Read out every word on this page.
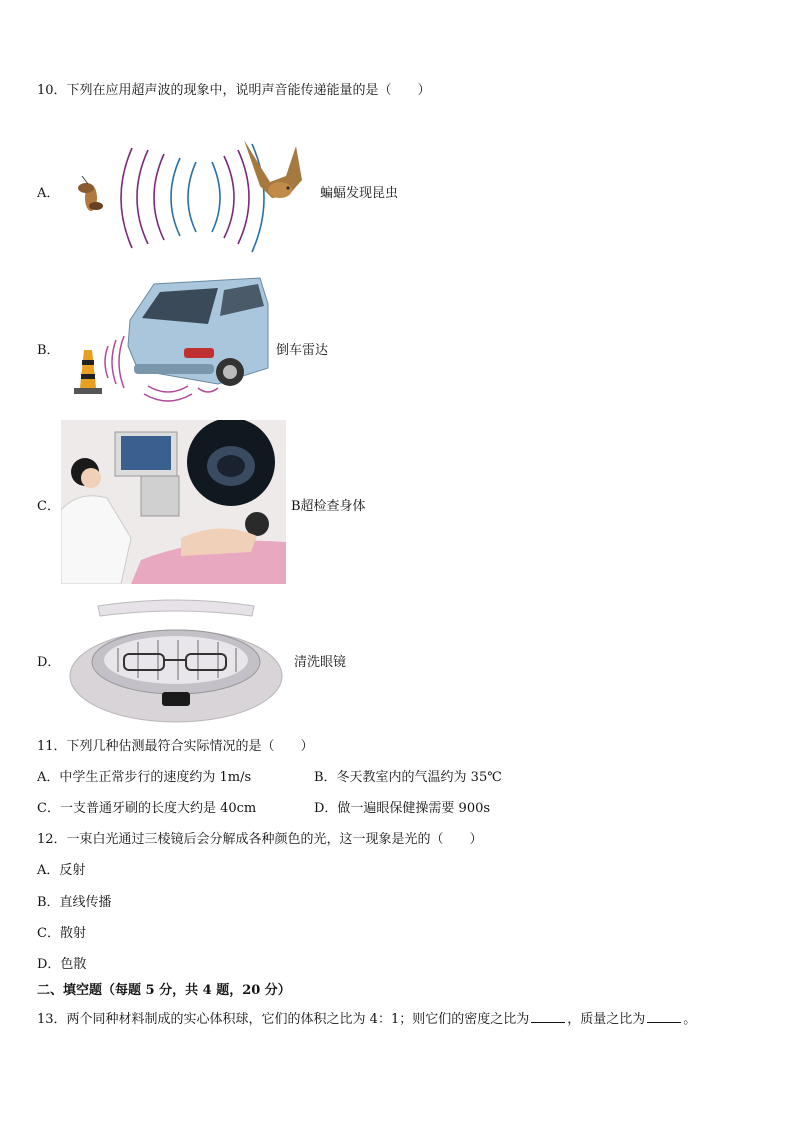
10．下列在应用超声波的现象中，说明声音能传递能量的是（　　）
A．	蝙蝠发现昆虫
B．	倒车雷达
C．	B超检查身体
D．	清洗眼镜
11．下列几种估测最符合实际情况的是（　　）
A．中学生正常步行的速度约为 1m/s	B．冬天教室内的气温约为 35℃
C．一支普通牙刷的长度大约是 40cm	D．做一遍眼保健操需要 900s
12．一束白光通过三棱镜后会分解成各种颜色的光，这一现象是光的（　　）
A．反射
B．直线传播
C．散射
D．色散
二、填空题（每题 5 分，共 4 题，20 分）
13．两个同种材料制成的实心体积球，它们的体积之比为 4：1；则它们的密度之比为	，质量之比为	。
